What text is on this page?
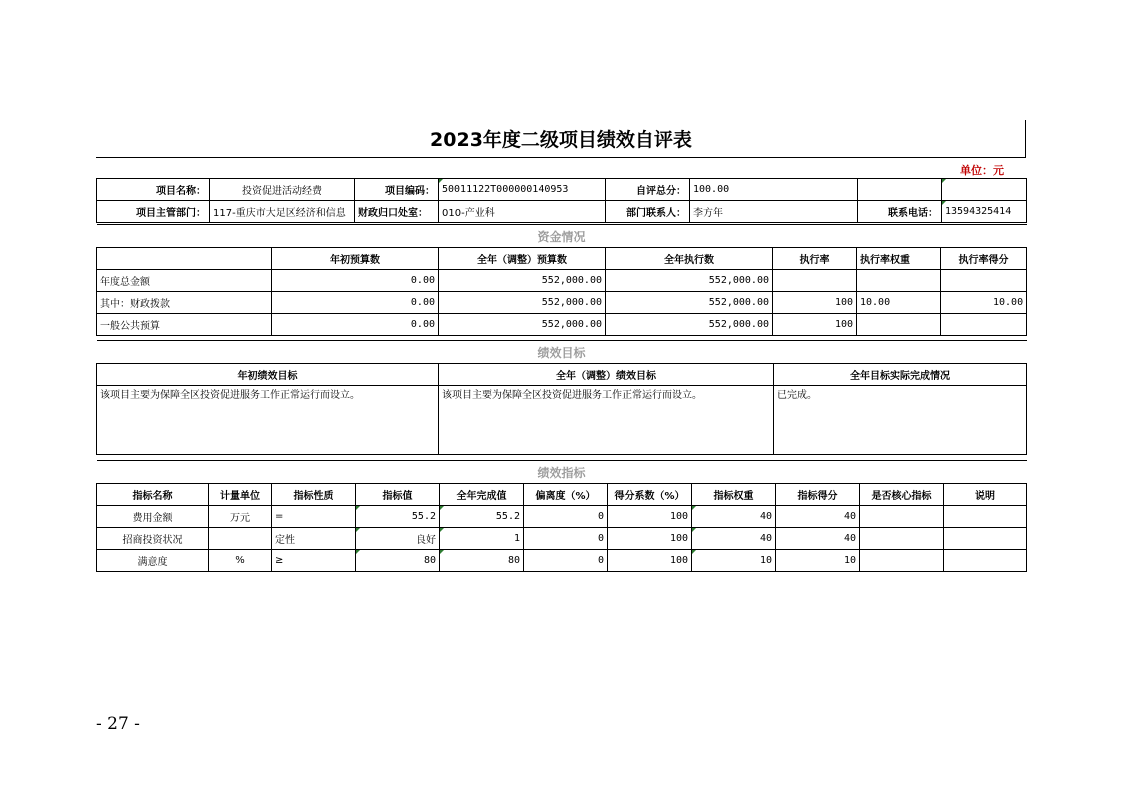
2023年度二级项目绩效自评表
单位：元
项目名称：	投资促进活动经费	项目编码：	50011122T000000140953	自评总分：	100.00		
项目主管部门：	117-重庆市大足区经济和信息	财政归口处室：	010-产业科	部门联系人：	李方年	联系电话：	13594325414
资金情况						
	年初预算数	全年（调整）预算数	全年执行数	执行率	执行率权重	执行率得分
年度总金额	0.00	552,000.00	552,000.00			
其中：财政拨款	0.00	552,000.00	552,000.00	100	10.00	10.00
一般公共预算	0.00	552,000.00	552,000.00	100		
绩效目标		
年初绩效目标	全年（调整）绩效目标	全年目标实际完成情况
该项目主要为保障全区投资促进服务工作正常运行而设立。	该项目主要为保障全区投资促进服务工作正常运行而设立。	已完成。
绩效指标										
指标名称	计量单位	指标性质	指标值	全年完成值	偏离度（%）	得分系数（%）	指标权重	指标得分	是否核心指标	说明
费用金额	万元	=	55.2	55.2	0	100	40	40		
招商投资状况		定性	良好	1	0	100	40	40		
满意度	%	≥	80	80	0	100	10	10		
- 27 -
